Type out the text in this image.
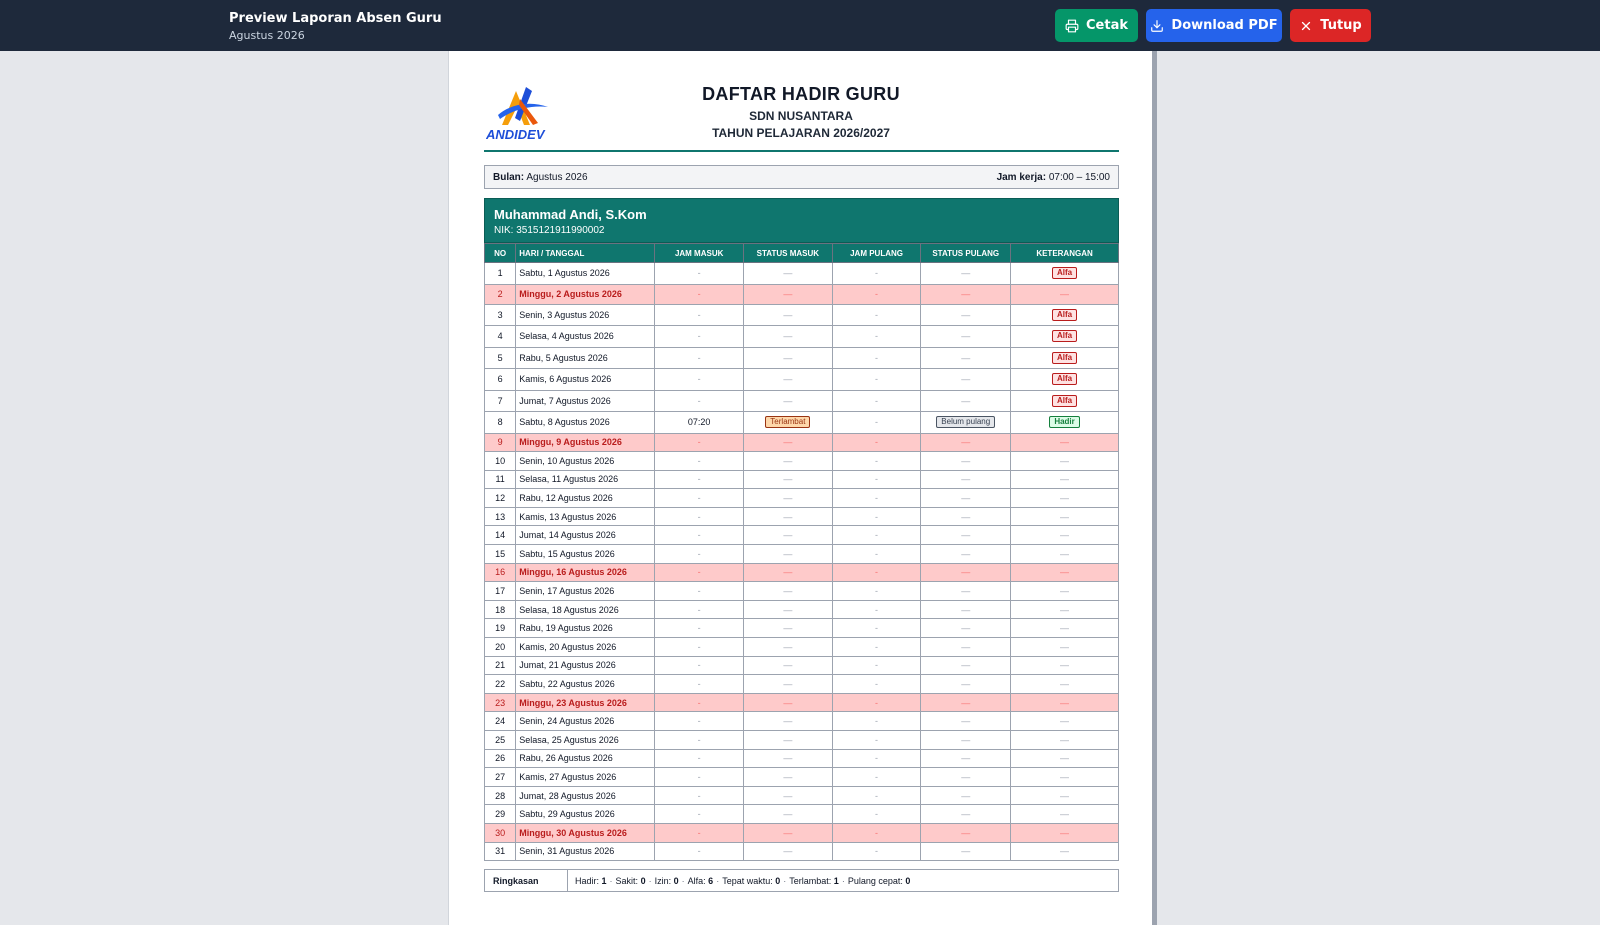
Preview Laporan Absen Guru
Agustus 2026
Cetak	Download PDF	Tutup
ANDIDEV
DAFTAR HADIR GURU
SDN NUSANTARA
TAHUN PELAJARAN 2026/2027
Bulan: Agustus 2026	Jam kerja: 07:00 – 15:00
Muhammad Andi, S.Kom
NIK: 3515121911990002
NO	HARI / TANGGAL	JAM MASUK	STATUS MASUK	JAM PULANG	STATUS PULANG	KETERANGAN
1	Sabtu, 1 Agustus 2026	-	—	-	—	Alfa
2	Minggu, 2 Agustus 2026	-	—	-	—	—
3	Senin, 3 Agustus 2026	-	—	-	—	Alfa
4	Selasa, 4 Agustus 2026	-	—	-	—	Alfa
5	Rabu, 5 Agustus 2026	-	—	-	—	Alfa
6	Kamis, 6 Agustus 2026	-	—	-	—	Alfa
7	Jumat, 7 Agustus 2026	-	—	-	—	Alfa
8	Sabtu, 8 Agustus 2026	07:20	Terlambat	-	Belum pulang	Hadir
9	Minggu, 9 Agustus 2026	-	—	-	—	—
10	Senin, 10 Agustus 2026	-	—	-	—	—
11	Selasa, 11 Agustus 2026	-	—	-	—	—
12	Rabu, 12 Agustus 2026	-	—	-	—	—
13	Kamis, 13 Agustus 2026	-	—	-	—	—
14	Jumat, 14 Agustus 2026	-	—	-	—	—
15	Sabtu, 15 Agustus 2026	-	—	-	—	—
16	Minggu, 16 Agustus 2026	-	—	-	—	—
17	Senin, 17 Agustus 2026	-	—	-	—	—
18	Selasa, 18 Agustus 2026	-	—	-	—	—
19	Rabu, 19 Agustus 2026	-	—	-	—	—
20	Kamis, 20 Agustus 2026	-	—	-	—	—
21	Jumat, 21 Agustus 2026	-	—	-	—	—
22	Sabtu, 22 Agustus 2026	-	—	-	—	—
23	Minggu, 23 Agustus 2026	-	—	-	—	—
24	Senin, 24 Agustus 2026	-	—	-	—	—
25	Selasa, 25 Agustus 2026	-	—	-	—	—
26	Rabu, 26 Agustus 2026	-	—	-	—	—
27	Kamis, 27 Agustus 2026	-	—	-	—	—
28	Jumat, 28 Agustus 2026	-	—	-	—	—
29	Sabtu, 29 Agustus 2026	-	—	-	—	—
30	Minggu, 30 Agustus 2026	-	—	-	—	—
31	Senin, 31 Agustus 2026	-	—	-	—	—
Ringkasan	Hadir: 1 · Sakit: 0 · Izin: 0 · Alfa: 6 · Tepat waktu: 0 · Terlambat: 1 · Pulang cepat: 0
